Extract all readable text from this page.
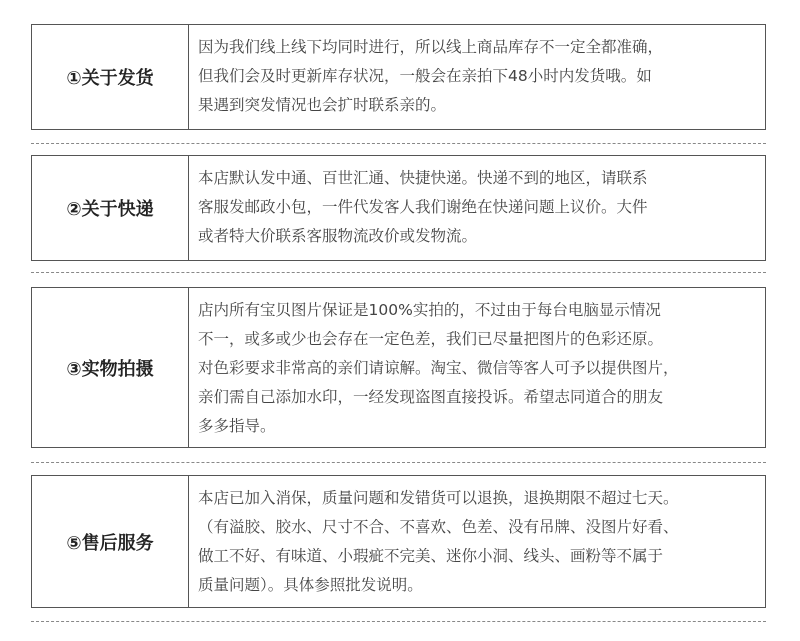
①关于发货

因为我们线上线下均同时进行，所以线上商品库存不一定全都准确，

但我们会及时更新库存状况，一般会在亲拍下48小时内发货哦。如

果遇到突发情况也会扩时联系亲的。

②关于快递

本店默认发中通、百世汇通、快捷快递。快递不到的地区，请联系

客服发邮政小包，一件代发客人我们谢绝在快递问题上议价。大件

或者特大价联系客服物流改价或发物流。

③实物拍摄

店内所有宝贝图片保证是100%实拍的，不过由于每台电脑显示情况

不一，或多或少也会存在一定色差，我们已尽量把图片的色彩还原。

对色彩要求非常高的亲们请谅解。淘宝、微信等客人可予以提供图片，

亲们需自己添加水印，一经发现盗图直接投诉。希望志同道合的朋友

多多指导。

⑤售后服务

本店已加入消保，质量问题和发错货可以退换，退换期限不超过七天。

（有溢胶、胶水、尺寸不合、不喜欢、色差、没有吊牌、没图片好看、

做工不好、有味道、小瑕疵不完美、迷你小洞、线头、画粉等不属于

质量问题）。具体参照批发说明。
